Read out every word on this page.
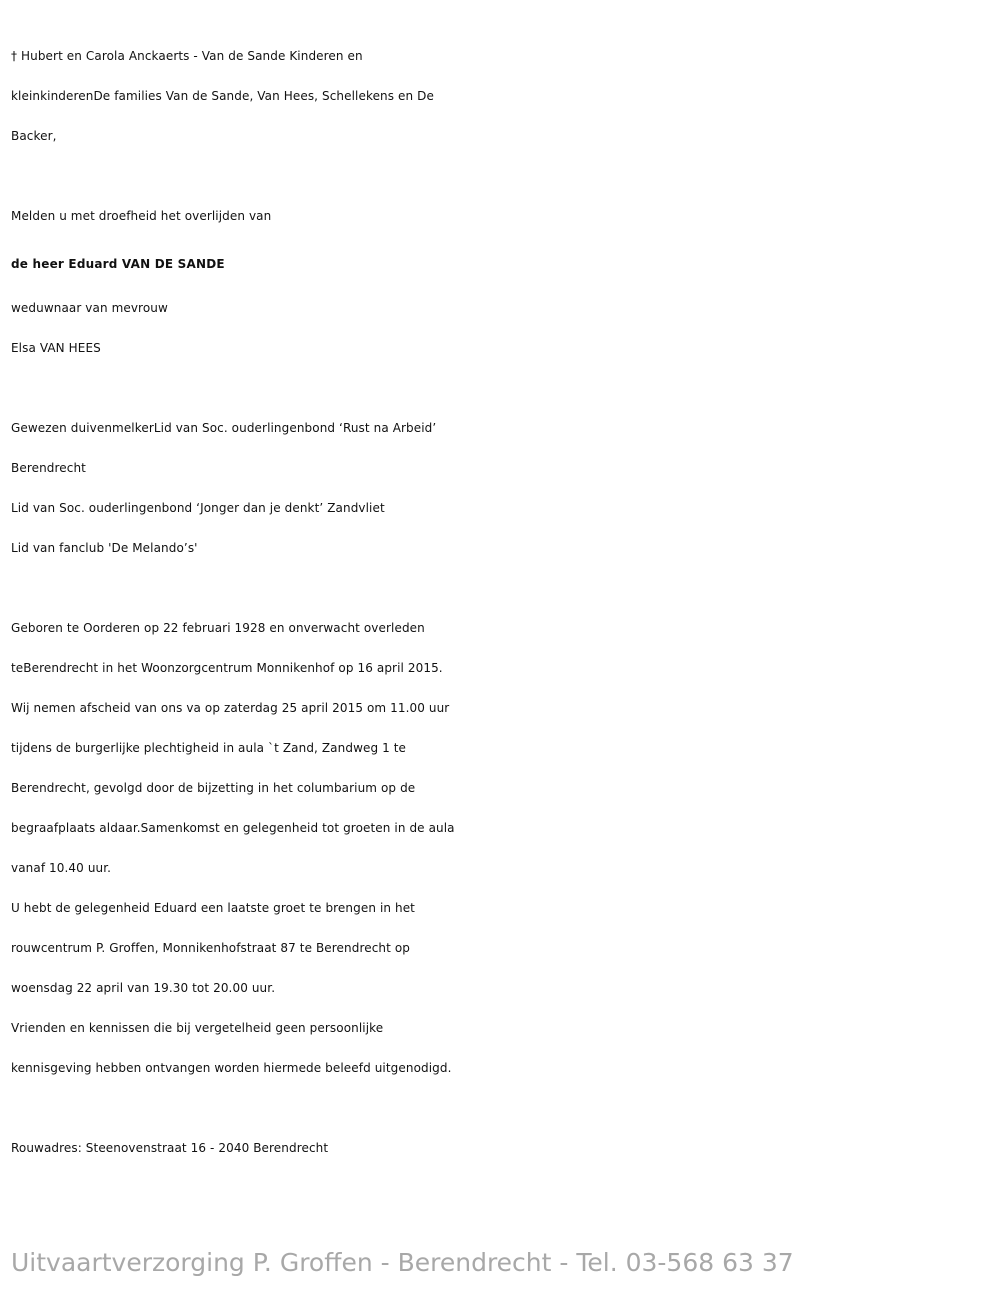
† Hubert en Carola Anckaerts - Van de Sande Kinderen en
kleinkinderenDe families Van de Sande, Van Hees, Schellekens en De
Backer,
Melden u met droefheid het overlijden van
de heer Eduard VAN DE SANDE
weduwnaar van mevrouw
Elsa VAN HEES
Gewezen duivenmelkerLid van Soc. ouderlingenbond ‘Rust na Arbeid’
Berendrecht
Lid van Soc. ouderlingenbond ‘Jonger dan je denkt’ Zandvliet
Lid van fanclub 'De Melando’s'
Geboren te Oorderen op 22 februari 1928 en onverwacht overleden
teBerendrecht in het Woonzorgcentrum Monnikenhof op 16 april 2015.
Wij nemen afscheid van ons va op zaterdag 25 april 2015 om 11.00 uur
tijdens de burgerlijke plechtigheid in aula `t Zand, Zandweg 1 te
Berendrecht, gevolgd door de bijzetting in het columbarium op de
begraafplaats aldaar.Samenkomst en gelegenheid tot groeten in de aula
vanaf 10.40 uur.
U hebt de gelegenheid Eduard een laatste groet te brengen in het
rouwcentrum P. Groffen, Monnikenhofstraat 87 te Berendrecht op
woensdag 22 april van 19.30 tot 20.00 uur.
Vrienden en kennissen die bij vergetelheid geen persoonlijke
kennisgeving hebben ontvangen worden hiermede beleefd uitgenodigd.
Rouwadres: Steenovenstraat 16 - 2040 Berendrecht
Uitvaartverzorging P. Groffen - Berendrecht - Tel. 03-568 63 37
